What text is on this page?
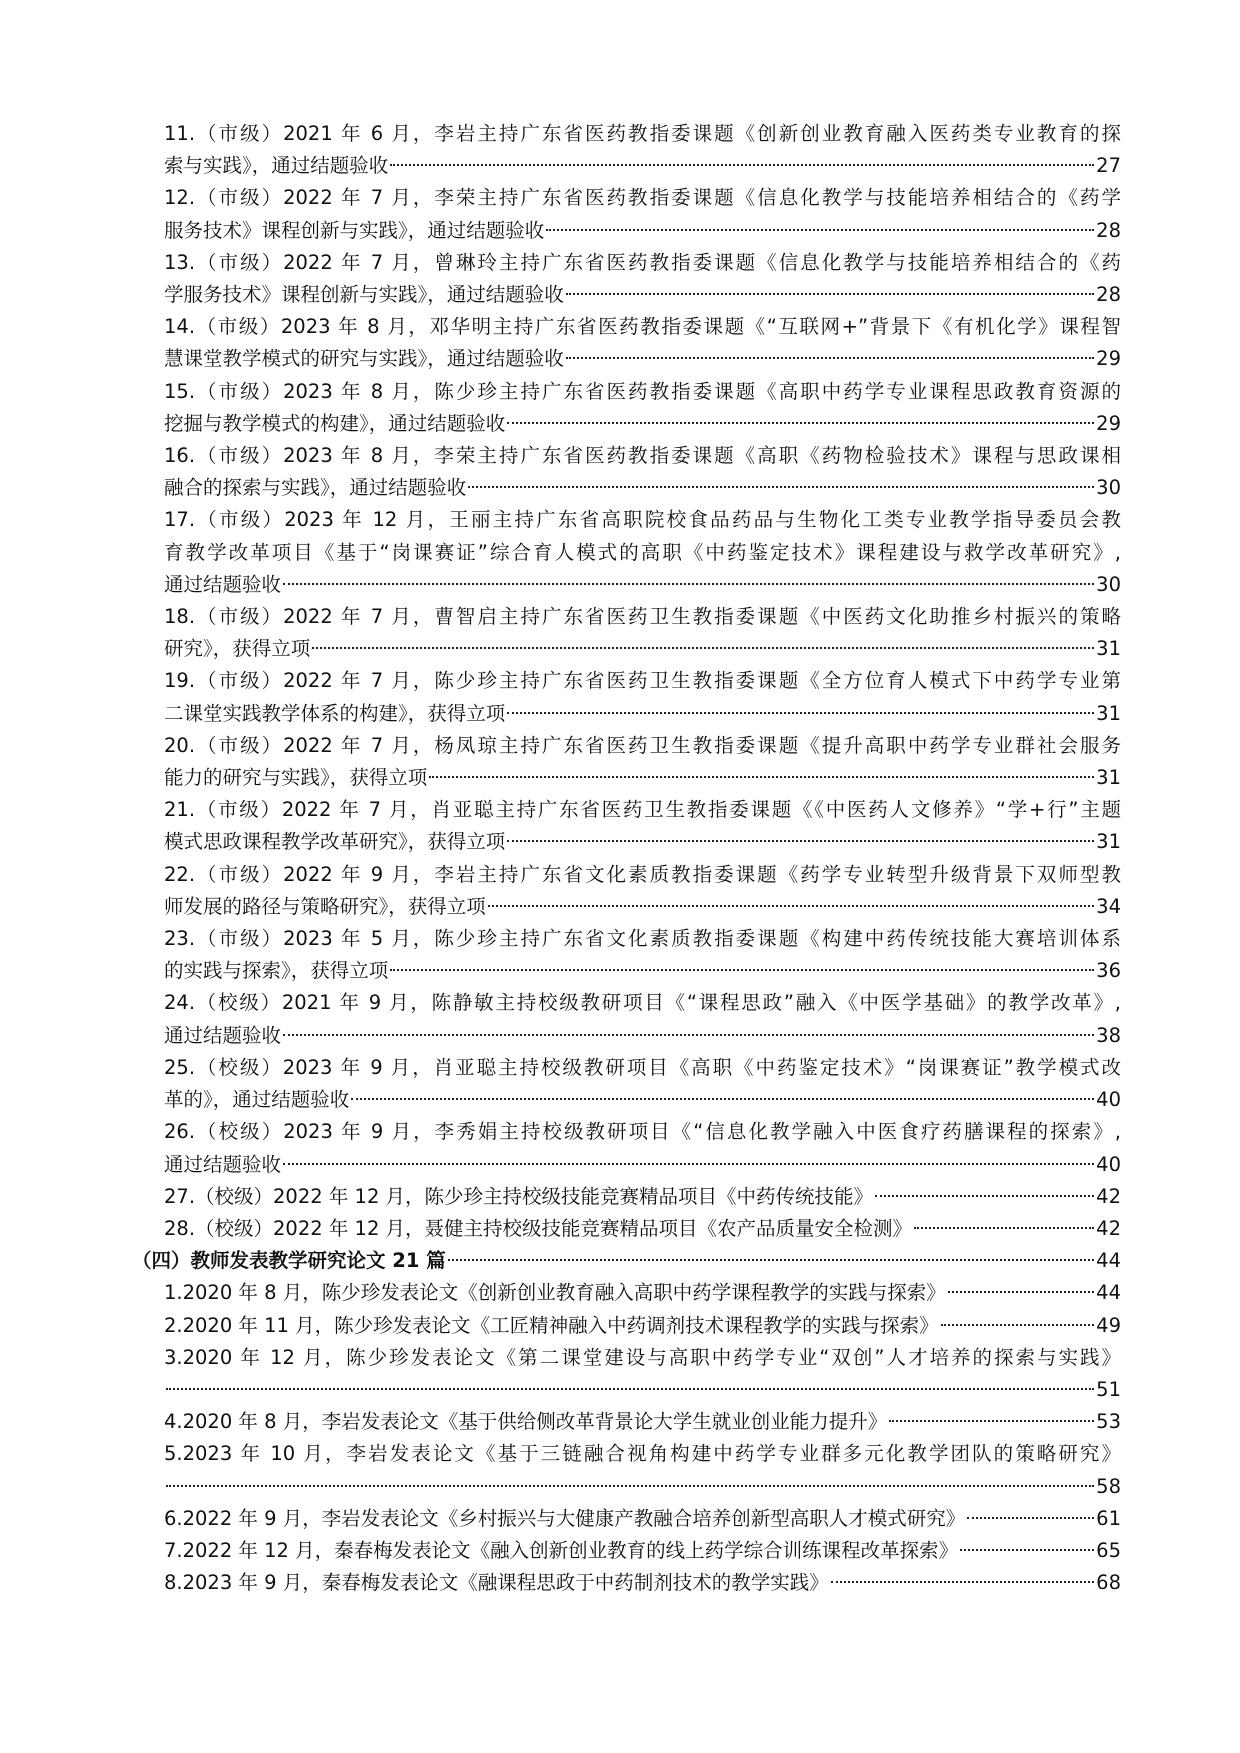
11.（市级）2021 年 6 月，李岩主持广东省医药教指委课题《创新创业教育融入医药类专业教育的探
索与实践》，通过结题验收	27
12.（市级）2022 年 7 月，李荣主持广东省医药教指委课题《信息化教学与技能培养相结合的《药学
服务技术》课程创新与实践》，通过结题验收	28
13.（市级）2022 年 7 月，曾琳玲主持广东省医药教指委课题《信息化教学与技能培养相结合的《药
学服务技术》课程创新与实践》，通过结题验收	28
14.（市级）2023 年 8 月，邓华明主持广东省医药教指委课题《“互联网+”背景下《有机化学》课程智
慧课堂教学模式的研究与实践》，通过结题验收	29
15.（市级）2023 年 8 月，陈少珍主持广东省医药教指委课题《高职中药学专业课程思政教育资源的
挖掘与教学模式的构建》，通过结题验收	29
16.（市级）2023 年 8 月，李荣主持广东省医药教指委课题《高职《药物检验技术》课程与思政课相
融合的探索与实践》，通过结题验收	30
17.（市级）2023 年 12 月，王丽主持广东省高职院校食品药品与生物化工类专业教学指导委员会教
育教学改革项目《基于“岗课赛证”综合育人模式的高职《中药鉴定技术》课程建设与救学改革研究》,
通过结题验收	30
18.（市级）2022 年 7 月，曹智启主持广东省医药卫生教指委课题《中医药文化助推乡村振兴的策略
研究》，获得立项	31
19.（市级）2022 年 7 月，陈少珍主持广东省医药卫生教指委课题《全方位育人模式下中药学专业第
二课堂实践教学体系的构建》，获得立项	31
20.（市级）2022 年 7 月，杨凤琼主持广东省医药卫生教指委课题《提升高职中药学专业群社会服务
能力的研究与实践》，获得立项	31
21.（市级）2022 年 7 月，肖亚聪主持广东省医药卫生教指委课题《《中医药人文修养》“学+行”主题
模式思政课程教学改革研究》，获得立项	31
22.（市级）2022 年 9 月，李岩主持广东省文化素质教指委课题《药学专业转型升级背景下双师型教
师发展的路径与策略研究》，获得立项	34
23.（市级）2023 年 5 月，陈少珍主持广东省文化素质教指委课题《构建中药传统技能大赛培训体系
的实践与探索》，获得立项	36
24.（校级）2021 年 9 月，陈静敏主持校级教研项目《“课程思政”融入《中医学基础》的教学改革》,
通过结题验收	38
25.（校级）2023 年 9 月，肖亚聪主持校级教研项目《高职《中药鉴定技术》“岗课赛证”教学模式改
革的》，通过结题验收	40
26.（校级）2023 年 9 月，李秀娟主持校级教研项目《“信息化教学融入中医食疗药膳课程的探索》,
通过结题验收	40
27.（校级）2022 年 12 月，陈少珍主持校级技能竞赛精品项目《中药传统技能》	42
28.（校级）2022 年 12 月，聂健主持校级技能竞赛精品项目《农产品质量安全检测》	42
（四）教师发表教学研究论文 21 篇	44
1.2020 年 8 月，陈少珍发表论文《创新创业教育融入高职中药学课程教学的实践与探索》	44
2.2020 年 11 月，陈少珍发表论文《工匠精神融入中药调剂技术课程教学的实践与探索》	49
3.2020 年 12 月，陈少珍发表论文《第二课堂建设与高职中药学专业“双创”人才培养的探索与实践》
51
4.2020 年 8 月，李岩发表论文《基于供给侧改革背景论大学生就业创业能力提升》	53
5.2023 年 10 月，李岩发表论文《基于三链融合视角构建中药学专业群多元化教学团队的策略研究》
58
6.2022 年 9 月，李岩发表论文《乡村振兴与大健康产教融合培养创新型高职人才模式研究》	61
7.2022 年 12 月，秦春梅发表论文《融入创新创业教育的线上药学综合训练课程改革探索》	65
8.2023 年 9 月，秦春梅发表论文《融课程思政于中药制剂技术的教学实践》	68
